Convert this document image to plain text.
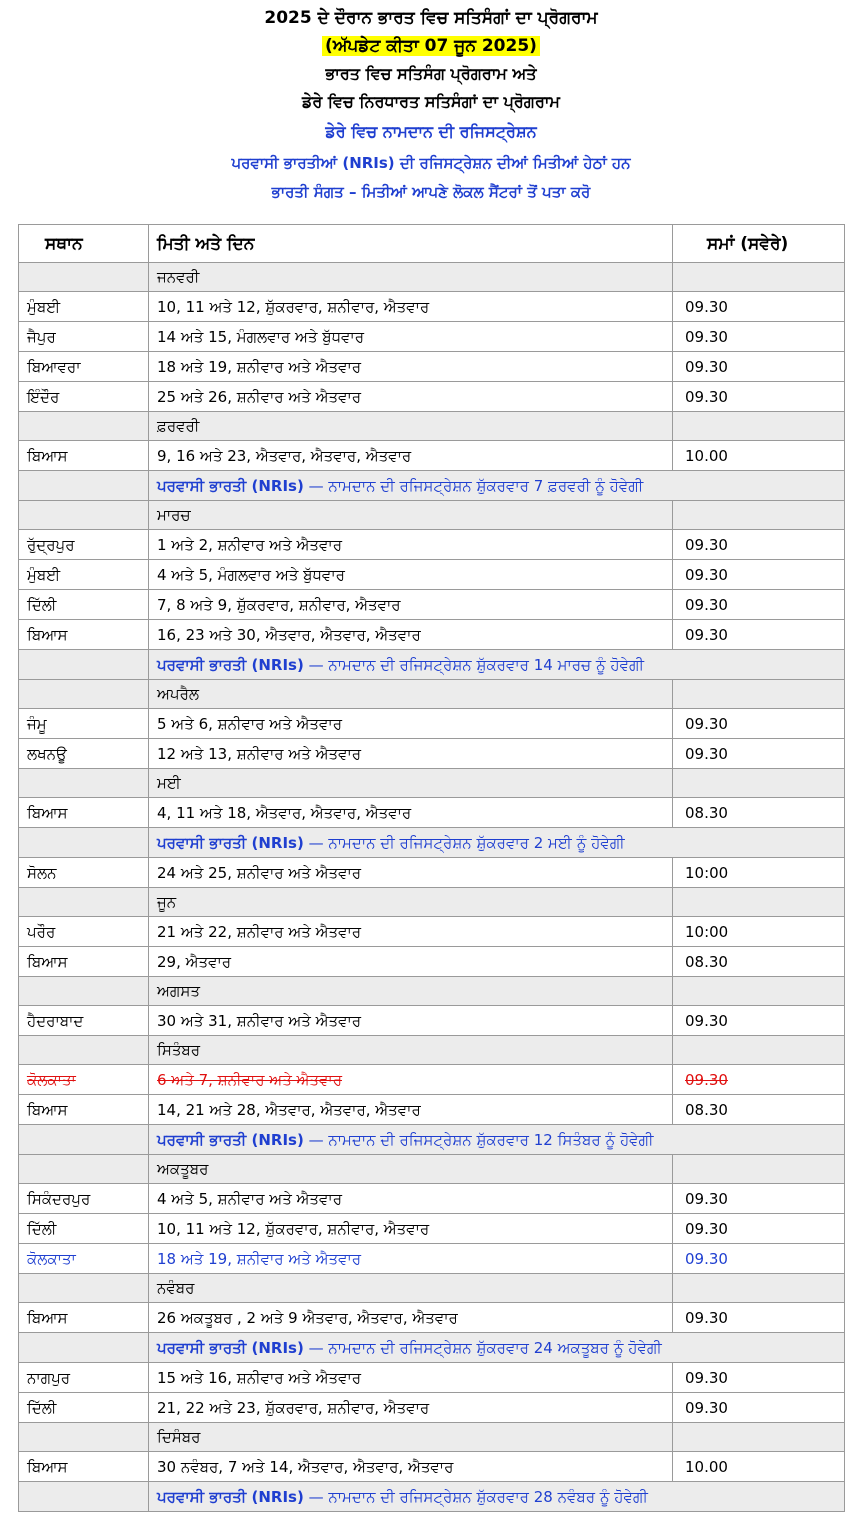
2025 ਦੇ ਦੌਰਾਨ ਭਾਰਤ ਵਿਚ ਸਤਿਸੰਗਾਂ ਦਾ ਪ੍ਰੋਗਰਾਮ
(ਅੱਪਡੇਟ ਕੀਤਾ 07 ਜੂਨ 2025)
ਭਾਰਤ ਵਿਚ ਸਤਿਸੰਗ ਪ੍ਰੋਗਰਾਮ ਅਤੇ
ਡੇਰੇ ਵਿਚ ਨਿਰਧਾਰਤ ਸਤਿਸੰਗਾਂ ਦਾ ਪ੍ਰੋਗਰਾਮ
ਡੇਰੇ ਵਿਚ ਨਾਮਦਾਨ ਦੀ ਰਜਿਸਟ੍ਰੇਸ਼ਨ
ਪਰਵਾਸੀ ਭਾਰਤੀਆਂ (NRIs) ਦੀ ਰਜਿਸਟ੍ਰੇਸ਼ਨ ਦੀਆਂ ਮਿਤੀਆਂ ਹੇਠਾਂ ਹਨ
ਭਾਰਤੀ ਸੰਗਤ – ਮਿਤੀਆਂ ਆਪਣੇ ਲੋਕਲ ਸੈਂਟਰਾਂ ਤੋਂ ਪਤਾ ਕਰੋ
ਸਥਾਨ	ਮਿਤੀ ਅਤੇ ਦਿਨ	ਸਮਾਂ (ਸਵੇਰੇ)
	ਜਨਵਰੀ	
ਮੁੰਬਈ	10, 11 ਅਤੇ 12, ਸ਼ੁੱਕਰਵਾਰ, ਸ਼ਨੀਵਾਰ, ਐਤਵਾਰ	09.30
ਜੈਪੁਰ	14 ਅਤੇ 15, ਮੰਗਲਵਾਰ ਅਤੇ ਬੁੱਧਵਾਰ	09.30
ਬਿਆਵਰਾ	18 ਅਤੇ 19, ਸ਼ਨੀਵਾਰ ਅਤੇ ਐਤਵਾਰ	09.30
ਇੰਦੌਰ	25 ਅਤੇ 26, ਸ਼ਨੀਵਾਰ ਅਤੇ ਐਤਵਾਰ	09.30
	ਫ਼ਰਵਰੀ	
ਬਿਆਸ	9, 16 ਅਤੇ 23, ਐਤਵਾਰ, ਐਤਵਾਰ, ਐਤਵਾਰ	10.00
	ਪਰਵਾਸੀ ਭਾਰਤੀ (NRIs) — ਨਾਮਦਾਨ ਦੀ ਰਜਿਸਟ੍ਰੇਸ਼ਨ ਸ਼ੁੱਕਰਵਾਰ 7 ਫ਼ਰਵਰੀ ਨੂੰ ਹੋਵੇਗੀ	
	ਮਾਰਚ	
ਰੁੱਦ੍ਰਪੁਰ	1 ਅਤੇ 2, ਸ਼ਨੀਵਾਰ ਅਤੇ ਐਤਵਾਰ	09.30
ਮੁੰਬਈ	4 ਅਤੇ 5, ਮੰਗਲਵਾਰ ਅਤੇ ਬੁੱਧਵਾਰ	09.30
ਦਿੱਲੀ	7, 8 ਅਤੇ 9, ਸ਼ੁੱਕਰਵਾਰ, ਸ਼ਨੀਵਾਰ, ਐਤਵਾਰ	09.30
ਬਿਆਸ	16, 23 ਅਤੇ 30, ਐਤਵਾਰ, ਐਤਵਾਰ, ਐਤਵਾਰ	09.30
	ਪਰਵਾਸੀ ਭਾਰਤੀ (NRIs) — ਨਾਮਦਾਨ ਦੀ ਰਜਿਸਟ੍ਰੇਸ਼ਨ ਸ਼ੁੱਕਰਵਾਰ 14 ਮਾਰਚ ਨੂੰ ਹੋਵੇਗੀ	
	ਅਪਰੈਲ	
ਜੰਮੂ	5 ਅਤੇ 6, ਸ਼ਨੀਵਾਰ ਅਤੇ ਐਤਵਾਰ	09.30
ਲਖਨਊ	12 ਅਤੇ 13, ਸ਼ਨੀਵਾਰ ਅਤੇ ਐਤਵਾਰ	09.30
	ਮਈ	
ਬਿਆਸ	4, 11 ਅਤੇ 18, ਐਤਵਾਰ, ਐਤਵਾਰ, ਐਤਵਾਰ	08.30
	ਪਰਵਾਸੀ ਭਾਰਤੀ (NRIs) — ਨਾਮਦਾਨ ਦੀ ਰਜਿਸਟ੍ਰੇਸ਼ਨ ਸ਼ੁੱਕਰਵਾਰ 2 ਮਈ ਨੂੰ ਹੋਵੇਗੀ	
ਸੋਲਨ	24 ਅਤੇ 25, ਸ਼ਨੀਵਾਰ ਅਤੇ ਐਤਵਾਰ	10:00
	ਜੂਨ	
ਪਰੌਰ	21 ਅਤੇ 22, ਸ਼ਨੀਵਾਰ ਅਤੇ ਐਤਵਾਰ	10:00
ਬਿਆਸ	29, ਐਤਵਾਰ	08.30
	ਅਗਸਤ	
ਹੈਦਰਾਬਾਦ	30 ਅਤੇ 31, ਸ਼ਨੀਵਾਰ ਅਤੇ ਐਤਵਾਰ	09.30
	ਸਿਤੰਬਰ	
ਕੋਲਕਾਤਾ	6 ਅਤੇ 7, ਸ਼ਨੀਵਾਰ ਅਤੇ ਐਤਵਾਰ	09.30
ਬਿਆਸ	14, 21 ਅਤੇ 28, ਐਤਵਾਰ, ਐਤਵਾਰ, ਐਤਵਾਰ	08.30
	ਪਰਵਾਸੀ ਭਾਰਤੀ (NRIs) — ਨਾਮਦਾਨ ਦੀ ਰਜਿਸਟ੍ਰੇਸ਼ਨ ਸ਼ੁੱਕਰਵਾਰ 12 ਸਿਤੰਬਰ ਨੂੰ ਹੋਵੇਗੀ	
	ਅਕਤੂਬਰ	
ਸਿਕੰਦਰਪੁਰ	4 ਅਤੇ 5, ਸ਼ਨੀਵਾਰ ਅਤੇ ਐਤਵਾਰ	09.30
ਦਿੱਲੀ	10, 11 ਅਤੇ 12, ਸ਼ੁੱਕਰਵਾਰ, ਸ਼ਨੀਵਾਰ, ਐਤਵਾਰ	09.30
ਕੋਲਕਾਤਾ	18 ਅਤੇ 19, ਸ਼ਨੀਵਾਰ ਅਤੇ ਐਤਵਾਰ	09.30
	ਨਵੰਬਰ	
ਬਿਆਸ	26 ਅਕਤੂਬਰ , 2 ਅਤੇ 9 ਐਤਵਾਰ, ਐਤਵਾਰ, ਐਤਵਾਰ	09.30
	ਪਰਵਾਸੀ ਭਾਰਤੀ (NRIs) — ਨਾਮਦਾਨ ਦੀ ਰਜਿਸਟ੍ਰੇਸ਼ਨ ਸ਼ੁੱਕਰਵਾਰ 24 ਅਕਤੂਬਰ ਨੂੰ ਹੋਵੇਗੀ	
ਨਾਗਪੁਰ	15 ਅਤੇ 16, ਸ਼ਨੀਵਾਰ ਅਤੇ ਐਤਵਾਰ	09.30
ਦਿੱਲੀ	21, 22 ਅਤੇ 23, ਸ਼ੁੱਕਰਵਾਰ, ਸ਼ਨੀਵਾਰ, ਐਤਵਾਰ	09.30
	ਦਿਸੰਬਰ	
ਬਿਆਸ	30 ਨਵੰਬਰ, 7 ਅਤੇ 14, ਐਤਵਾਰ, ਐਤਵਾਰ, ਐਤਵਾਰ	10.00
	ਪਰਵਾਸੀ ਭਾਰਤੀ (NRIs) — ਨਾਮਦਾਨ ਦੀ ਰਜਿਸਟ੍ਰੇਸ਼ਨ ਸ਼ੁੱਕਰਵਾਰ 28 ਨਵੰਬਰ ਨੂੰ ਹੋਵੇਗੀ	
